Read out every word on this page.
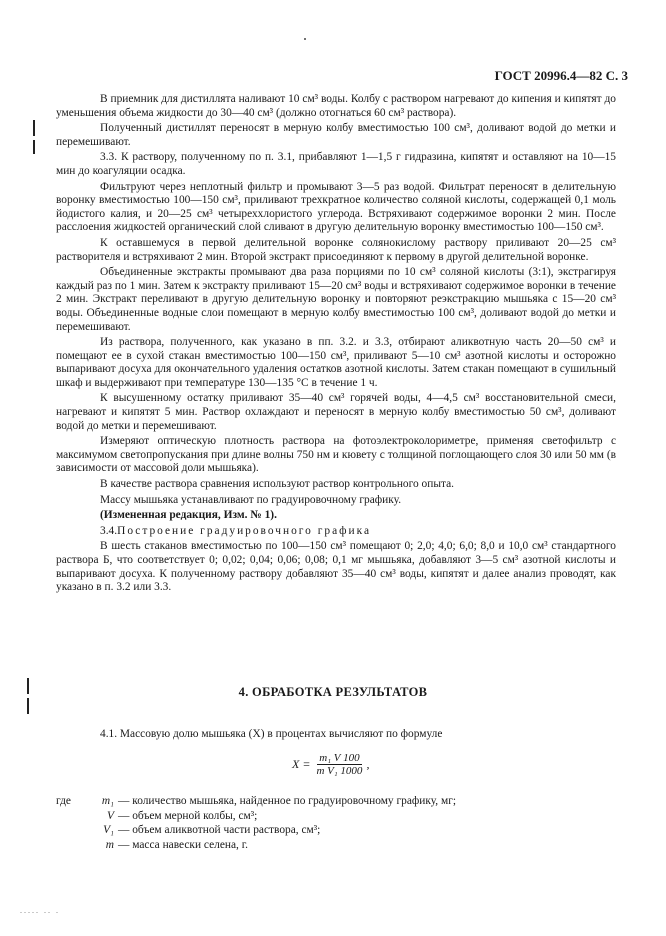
ГОСТ 20996.4—82 С. 3

В приемник для дистиллята наливают 10 см³ воды. Колбу с раствором нагревают до кипения и кипятят до уменьшения объема жидкости до 30—40 см³ (должно отогнаться 60 см³ раствора).

Полученный дистиллят переносят в мерную колбу вместимостью 100 см³, доливают водой до метки и перемешивают.

3.3. К раствору, полученному по п. 3.1, прибавляют 1—1,5 г гидразина, кипятят и оставляют на 10—15 мин до коагуляции осадка.

Фильтруют через неплотный фильтр и промывают 3—5 раз водой. Фильтрат переносят в делительную воронку вместимостью 100—150 см³, приливают трехкратное количество соляной кислоты, содержащей 0,1 моль йодистого калия, и 20—25 см³ четыреххлористого углерода. Встряхивают содержимое воронки 2 мин. После расслоения жидкостей органический слой сливают в другую делительную воронку вместимостью 100—150 см³.

К оставшемуся в первой делительной воронке солянокислому раствору приливают 20—25 см³ растворителя и встряхивают 2 мин. Второй экстракт присоединяют к первому в другой делительной воронке.

Объединенные экстракты промывают два раза порциями по 10 см³ соляной кислоты (3:1), экстрагируя каждый раз по 1 мин. Затем к экстракту приливают 15—20 см³ воды и встряхивают содержимое воронки в течение 2 мин. Экстракт переливают в другую делительную воронку и повторяют реэкстракцию мышьяка с 15—20 см³ воды. Объединенные водные слои помещают в мерную колбу вместимостью 100 см³, доливают водой до метки и перемешивают.

Из раствора, полученного, как указано в пп. 3.2. и 3.3, отбирают аликвотную часть 20—50 см³ и помещают ее в сухой стакан вместимостью 100—150 см³, приливают 5—10 см³ азотной кислоты и осторожно выпаривают досуха для окончательного удаления остатков азотной кислоты. Затем стакан помещают в сушильный шкаф и выдерживают при температуре 130—135 °С в течение 1 ч.

К высушенному остатку приливают 35—40 см³ горячей воды, 4—4,5 см³ восстановительной смеси, нагревают и кипятят 5 мин. Раствор охлаждают и переносят в мерную колбу вместимостью 50 см³, доливают водой до метки и перемешивают.

Измеряют оптическую плотность раствора на фотоэлектроколориметре, применяя светофильтр с максимумом светопропускания при длине волны 750 нм и кювету с толщиной поглощающего слоя 30 или 50 мм (в зависимости от массовой доли мышьяка).

В качестве раствора сравнения используют раствор контрольного опыта.

Массу мышьяка устанавливают по градуировочному графику.

(Измененная редакция, Изм. № 1).

3.4.Построение градуировочного графика

В шесть стаканов вместимостью по 100—150 см³ помещают 0; 2,0; 4,0; 6,0; 8,0 и 10,0 см³ стандартного раствора Б, что соответствует 0; 0,02; 0,04; 0,06; 0,08; 0,1 мг мышьяка, добавляют 3—5 см³ азотной кислоты и выпаривают досуха. К полученному раствору добавляют 35—40 см³ воды, кипятят и далее анализ проводят, как указано в п. 3.2 или 3.3.

4. ОБРАБОТКА РЕЗУЛЬТАТОВ
4.1. Массовую долю мышьяка (X) в процентах вычисляют по формуле
$X = \frac{\text{m₁ V 100}}{\text{m V₁ 1000}}$ ,
где	m₁ — количество мышьяка, найденное по градуировочному графику, мг;
V — объем мерной колбы, см³;
V₁ — объем аликвотной части раствора, см³;
m — масса навески селена, г.
..... .. .
